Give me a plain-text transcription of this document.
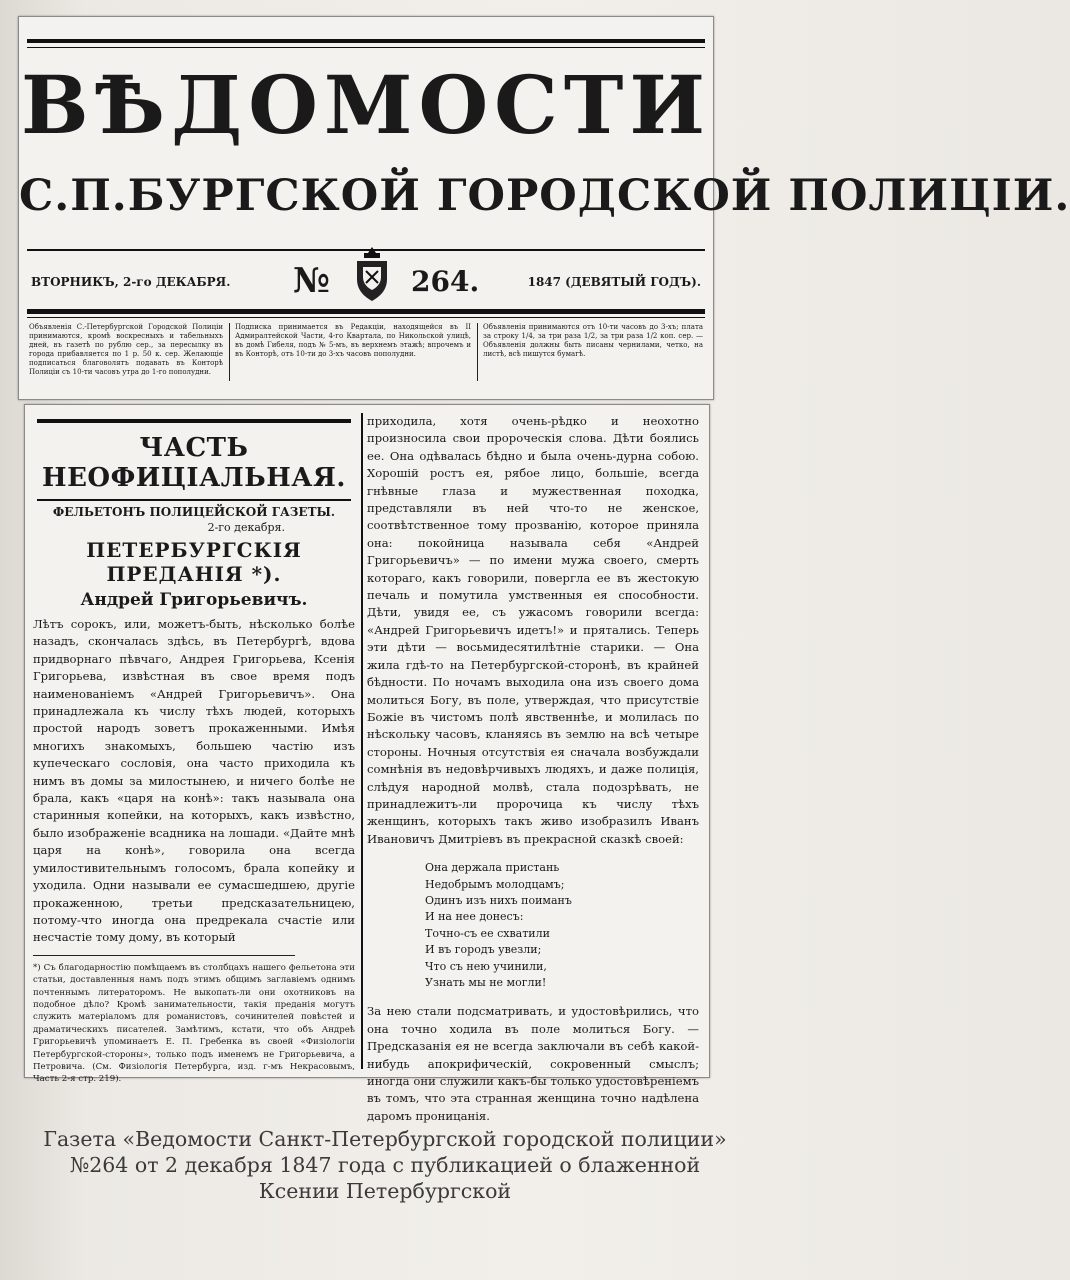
ВѢДОМОСТИ
С.П.БУРГСКОЙ ГОРОДСКОЙ ПОЛИЦІИ.
ВТОРНИКЪ, 2-го ДЕКАБРЯ. №	264.	1847 (ДЕВЯТЫЙ ГОДЪ).
Объявленія С.-Петербургской Городской Полиціи принимаются, кромѣ воскресныхъ и табельныхъ дней, въ газетѣ по рублю сер., за пересылку въ города прибавляется по 1 р. 50 к. сер. Желающіе подписаться благоволятъ подавать въ Конторѣ Полиціи съ 10-ти часовъ утра до 1-го пополудни.
Подписка принимается въ Редакціи, находящейся въ II Адмиралтейской Части, 4-го Квартала, по Никольской улицѣ, въ домѣ Гибеля, подъ № 5-мъ, въ верхнемъ этажѣ; впрочемъ и въ Конторѣ, отъ 10-ти до 3-хъ часовъ пополудни.
Объявленія принимаются отъ 10-ти часовъ до 3-хъ; плата за строку 1/4, за три раза 1/2, за три раза 1/2 коп. сер. — Объявленія должны быть писаны чернилами, четко, на листѣ, всѣ пишутся бумагѣ.
ЧАСТЬ НЕОФИЦІАЛЬНАЯ.
ФЕЛЬЕТОНЪ ПОЛИЦЕЙСКОЙ ГАЗЕТЫ.
2-го декабря.
ПЕТЕРБУРГСКІЯ ПРЕДАНІЯ *).
Андрей Григорьевичъ.

Лѣтъ сорокъ, или, можетъ-быть, нѣсколько болѣе назадъ, скончалась здѣсь, въ Петербургѣ, вдова придворнаго пѣвчаго, Андрея Григорьева, Ксенія Григорьева, извѣстная въ свое время подъ наименованіемъ «Андрей Григорьевичъ». Она принадлежала къ числу тѣхъ людей, которыхъ простой народъ зоветъ прокаженными. Имѣя многихъ знакомыхъ, большею частію изъ купеческаго сословія, она часто приходила къ нимъ въ домы за милостынею, и ничего болѣе не брала, какъ «царя на конѣ»: такъ называла она старинныя копейки, на которыхъ, какъ извѣстно, было изображеніе всадника на лошади. «Дайте мнѣ царя на конѣ», говорила она всегда умилостивительнымъ голосомъ, брала копейку и уходила. Одни называли ее сумасшедшею, другіе прокаженною, третьи предсказательницею, потому-что иногда она предрекала счастіе или несчастіе тому дому, въ который

*) Съ благодарностію помѣщаемъ въ столбцахъ нашего фельетона эти статьи, доставленныя намъ подъ этимъ общимъ заглавіемъ однимъ почтеннымъ литераторомъ. Не выкопать-ли они охотниковъ на подобное дѣло? Кромѣ занимательности, такія преданія могутъ служить матеріаломъ для романистовъ, сочинителей повѣстей и драматическихъ писателей. Замѣтимъ, кстати, что объ Андреѣ Григорьевичѣ упоминаетъ Е. П. Гребенка въ своей «Физіологіи Петербургской-стороны», только подъ именемъ не Григорьевича, а Петровича. (См. Физіологія Петербурга, изд. г-мъ Некрасовымъ, Часть 2-я стр. 219).

приходила, хотя очень-рѣдко и неохотно произносила свои пророческія слова. Дѣти боялись ее. Она одѣвалась бѣдно и была очень-дурна собою. Хорошій ростъ ея, рябое лицо, большіе, всегда гнѣвные глаза и мужественная походка, представляли въ ней что-то не женское, соотвѣтственное тому прозванію, которое приняла она: покойница называла себя «Андрей Григорьевичъ» — по имени мужа своего, смерть котораго, какъ говорили, повергла ее въ жестокую печаль и помутила умственныя ея способности. Дѣти, увидя ее, съ ужасомъ говорили всегда: «Андрей Григорьевичъ идетъ!» и прятались. Теперь эти дѣти — восьмидесятилѣтніе старики. — Она жила гдѣ-то на Петербургской-сторонѣ, въ крайней бѣдности. По ночамъ выходила она изъ своего дома молиться Богу, въ поле, утверждая, что присутствіе Божіе въ чистомъ полѣ явственнѣе, и молилась по нѣскольку часовъ, кланяясь въ землю на всѣ четыре стороны. Ночныя отсутствія ея сначала возбуждали сомнѣнія въ недовѣрчивыхъ людяхъ, и даже полиція, слѣдуя народной молвѣ, стала подозрѣвать, не принадлежитъ-ли пророчица къ числу тѣхъ женщинъ, которыхъ такъ живо изобразилъ Иванъ Ивановичъ Дмитріевъ въ прекрасной сказкѣ своей:

Она держала пристань
Недобрымъ молодцамъ;
Одинъ изъ нихъ поиманъ
И на нее донесъ:
Точно-съ ее схватили
И въ городъ увезли;
Что съ нею учинили,
Узнать мы не могли!

За нею стали подсматривать, и удостовѣрились, что она точно ходила въ поле молиться Богу. — Предсказанія ея не всегда заключали въ себѣ какой-нибудь апокрифическій, сокровенный смыслъ; иногда они служили какъ-бы только удостовѣреніемъ въ томъ, что эта странная женщина точно надѣлена даромъ проницанія.

Газета «Ведомости Санкт-Петербургской городской полиции»
№264 от 2 декабря 1847 года с публикацией о блаженной
Ксении Петербургской
